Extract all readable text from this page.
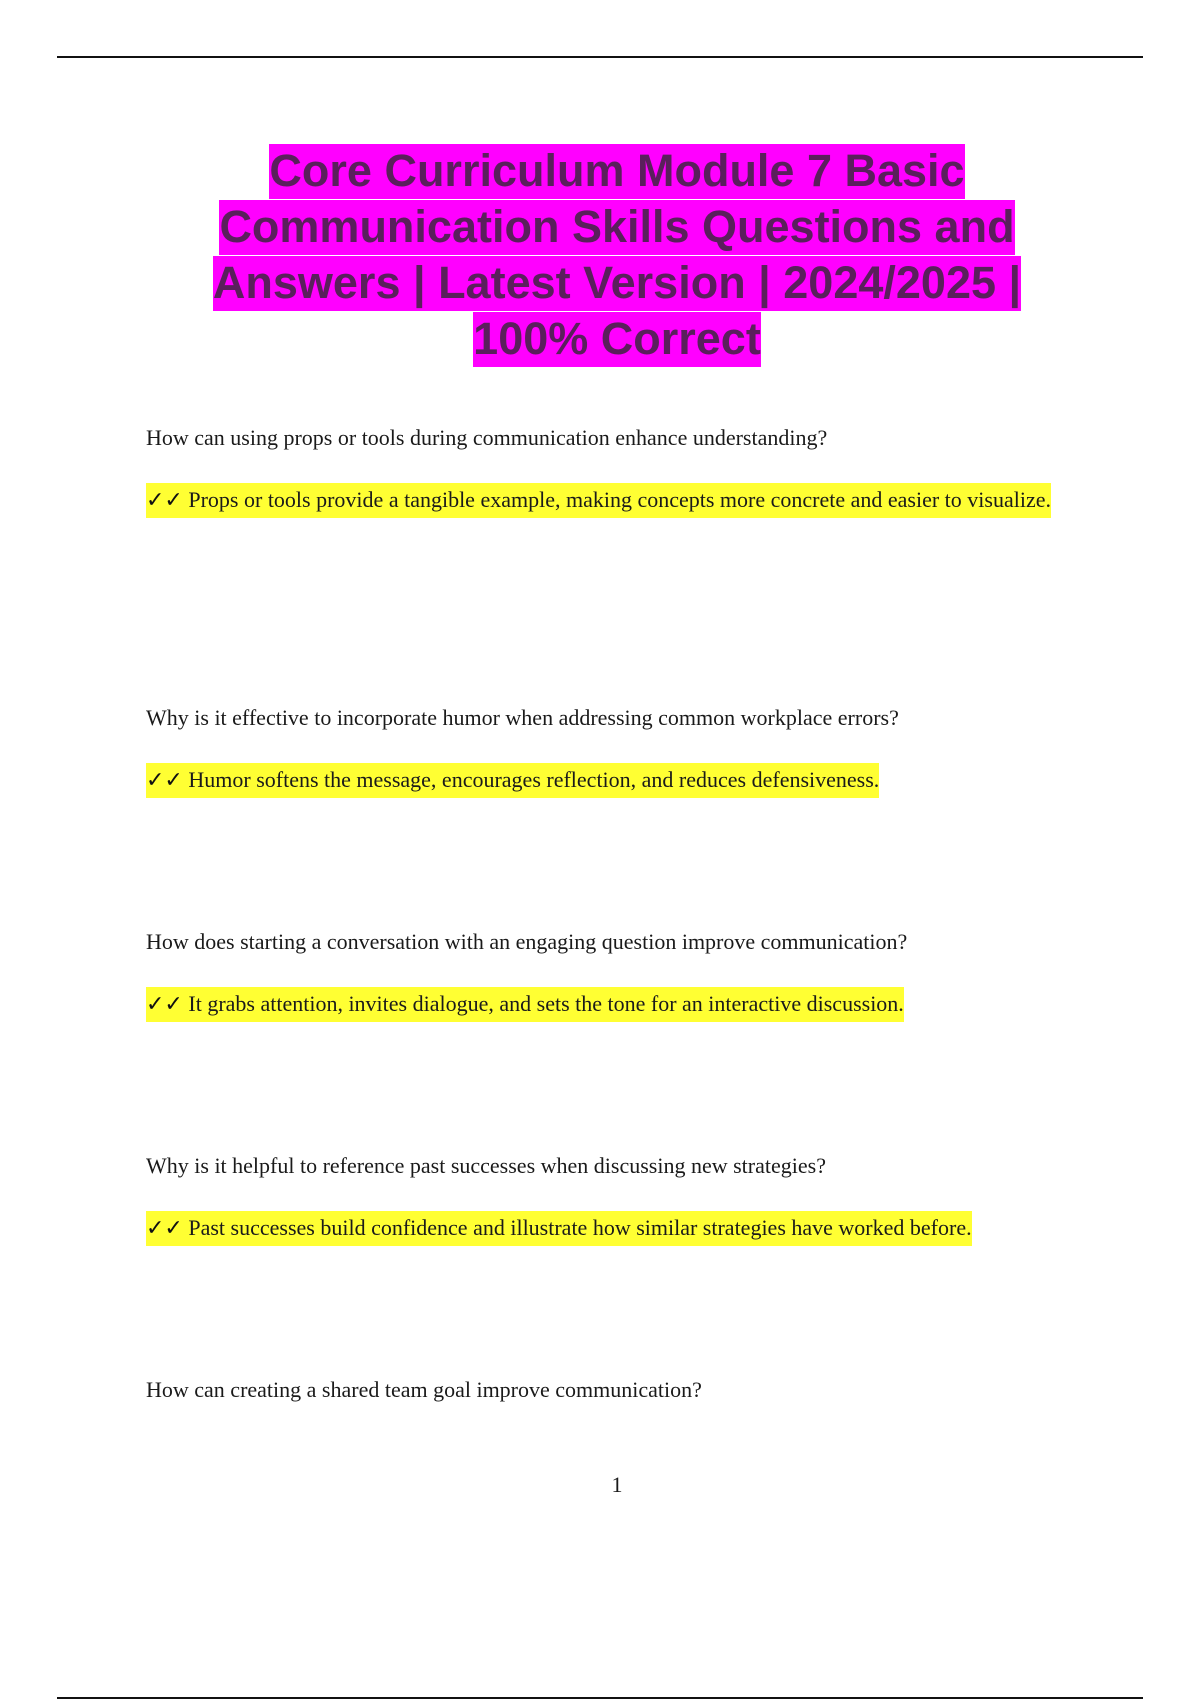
Core Curriculum Module 7 Basic Communication Skills Questions and Answers | Latest Version | 2024/2025 | 100% Correct

How can using props or tools during communication enhance understanding?

✓✓ Props or tools provide a tangible example, making concepts more concrete and easier to visualize.

Why is it effective to incorporate humor when addressing common workplace errors?

✓✓ Humor softens the message, encourages reflection, and reduces defensiveness.

How does starting a conversation with an engaging question improve communication?

✓✓ It grabs attention, invites dialogue, and sets the tone for an interactive discussion.

Why is it helpful to reference past successes when discussing new strategies?

✓✓ Past successes build confidence and illustrate how similar strategies have worked before.

How can creating a shared team goal improve communication?

1
